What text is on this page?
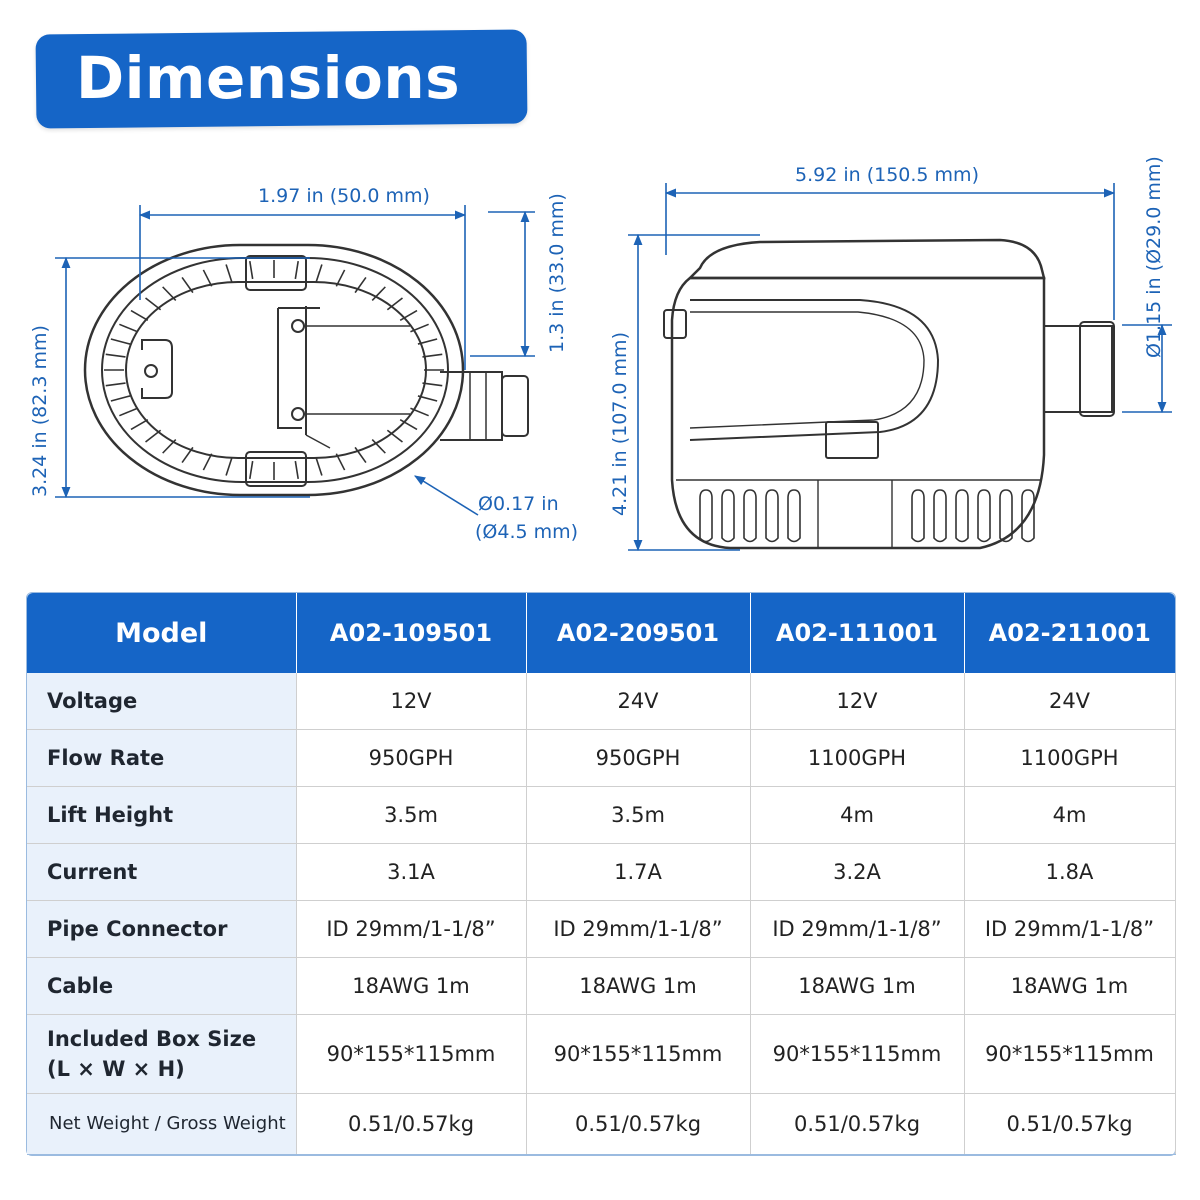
Dimensions
1.97 in (50.0 mm)
3.24 in (82.3 mm)
1.3 in (33.0 mm)
Ø0.17 in
(Ø4.5 mm)
5.92 in (150.5 mm)
4.21 in (107.0 mm)
Ø1.15 in (Ø29.0 mm)
Model	A02-109501	A02-209501	A02-111001	A02-211001
Voltage	12V	24V	12V	24V
Flow Rate	950GPH	950GPH	1100GPH	1100GPH
Lift Height	3.5m	3.5m	4m	4m
Current	3.1A	1.7A	3.2A	1.8A
Pipe Connector	ID 29mm/1-1/8”	ID 29mm/1-1/8”	ID 29mm/1-1/8”	ID 29mm/1-1/8”
Cable	18AWG 1m	18AWG 1m	18AWG 1m	18AWG 1m
Included Box Size
(L × W × H)	90*155*115mm	90*155*115mm	90*155*115mm	90*155*115mm
Net Weight / Gross Weight	0.51/0.57kg	0.51/0.57kg	0.51/0.57kg	0.51/0.57kg
